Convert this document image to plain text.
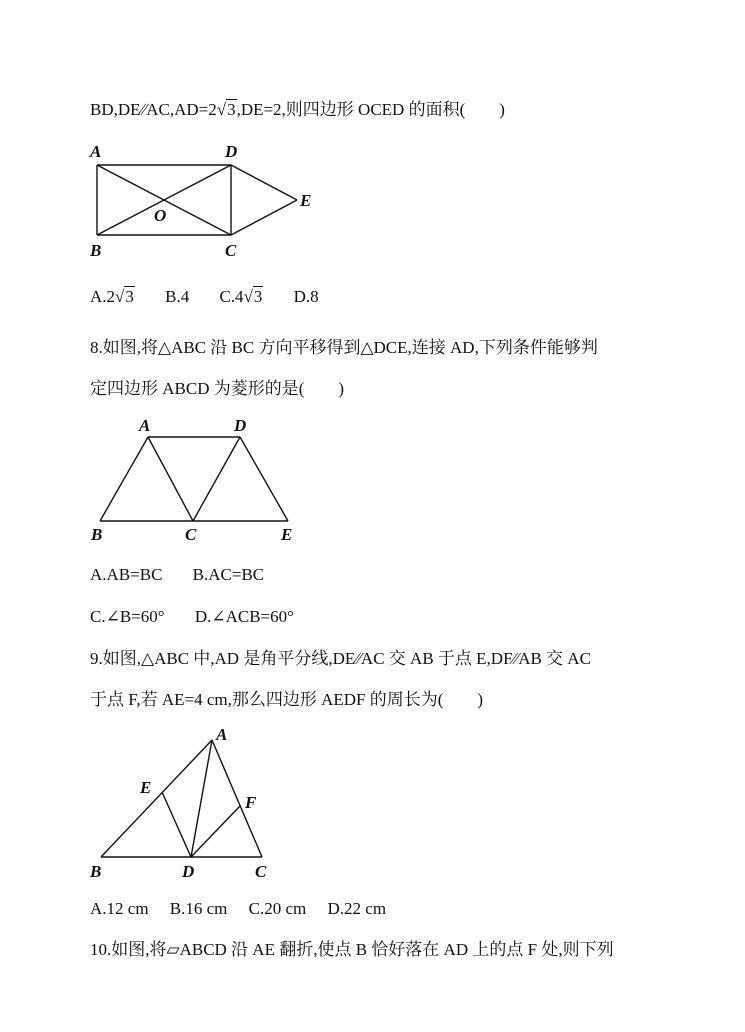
BD,DE∕∕AC,AD=2√3,DE=2,则四边形 OCED 的面积(　　)
A	D
O
E
B	C
A.2√3 B.4 C.4√3 D.8
8.如图,将△ABC 沿 BC 方向平移得到△DCE,连接 AD,下列条件能够判
定四边形 ABCD 为菱形的是(　　)
A	D
B	C	E
A.AB=BC B.AC=BC
C.∠B=60° D.∠ACB=60°
9.如图,△ABC 中,AD 是角平分线,DE∕∕AC 交 AB 于点 E,DF∕∕AB 交 AC
于点 F,若 AE=4 cm,那么四边形 AEDF 的周长为(　　)
A
E
F
B	D	C
A.12 cm B.16 cm C.20 cm D.22 cm
10.如图,将▱ABCD 沿 AE 翻折,使点 B 恰好落在 AD 上的点 F 处,则下列
